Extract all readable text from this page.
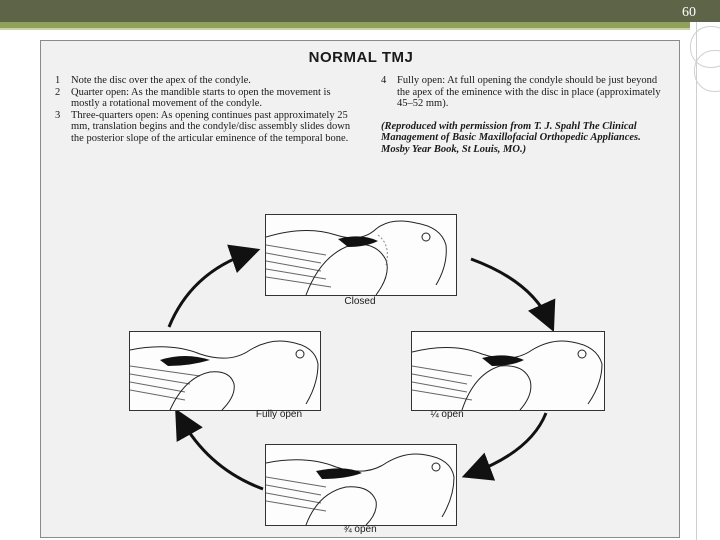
60
NORMAL TMJ
1	Note the disc over the apex of the condyle.
2	Quarter open: As the mandible starts to open the movement is mostly a rotational movement of the condyle.
3	Three-quarters open: As opening continues past approximately 25 mm, translation begins and the condyle/disc assembly slides down the posterior slope of the articular eminence of the temporal bone.
4	Fully open: At full opening the condyle should be just beyond the apex of the eminence with the disc in place (approximately 45–52 mm).
(Reproduced with permission from T. J. Spahl The Clinical Management of Basic Maxillofacial Orthopedic Appliances. Mosby Year Book, St Louis, MO.)
Closed
Fully open	¼ open
¾ open
